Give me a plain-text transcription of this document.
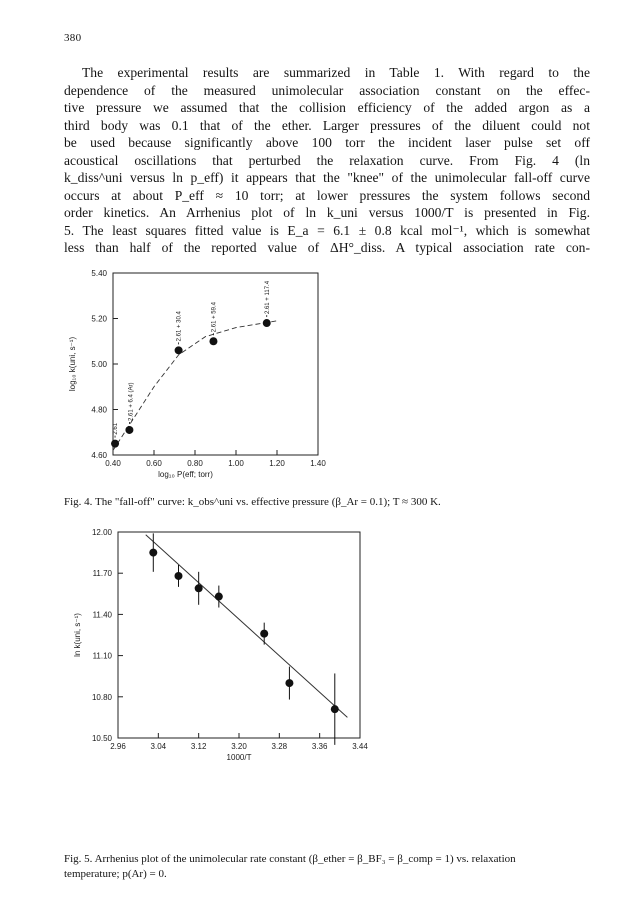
380
The experimental results are summarized in Table 1. With regard to the
dependence of the measured unimolecular association constant on the effec-
tive pressure we assumed that the collision efficiency of the added argon as a
third body was 0.1 that of the ether. Larger pressures of the diluent could not
be used because significantly above 100 torr the incident laser pulse set off
acoustical oscillations that perturbed the relaxation curve. From Fig. 4 (ln
k_diss^uni versus ln p_eff) it appears that the "knee" of the unimolecular fall-off curve
occurs at about P_eff ≈ 10 torr; at lower pressures the system follows second
order kinetics. An Arrhenius plot of ln k_uni versus 1000/T is presented in Fig.
5. The least squares fitted value is E_a = 6.1 ± 0.8 kcal mol⁻¹, which is somewhat
less than half of the reported value of ΔH°_diss. A typical association rate con-
0.40	0.60	0.80	1.00	1.20	1.40
4.60
4.80
5.00
5.20
5.40
log₁₀ P(eff; torr)
log₁₀ k(uni, s⁻¹)
2.61
2.61 + 6.4 (Ar)
2.61 + 30.4	2.61 + 59.4
2.61 + 117.4
Fig. 4. The "fall-off" curve: k_obs^uni vs. effective pressure (β_Ar = 0.1); T ≈ 300 K.
2.96	3.04	3.12	3.20	3.28	3.36	3.44
10.50
10.80
11.10
11.40
11.70
12.00
1000/T
ln k(uni, s⁻¹)
Fig. 5. Arrhenius plot of the unimolecular rate constant (β_ether = β_BF₃ = β_comp = 1) vs. relaxation
temperature; p(Ar) = 0.
